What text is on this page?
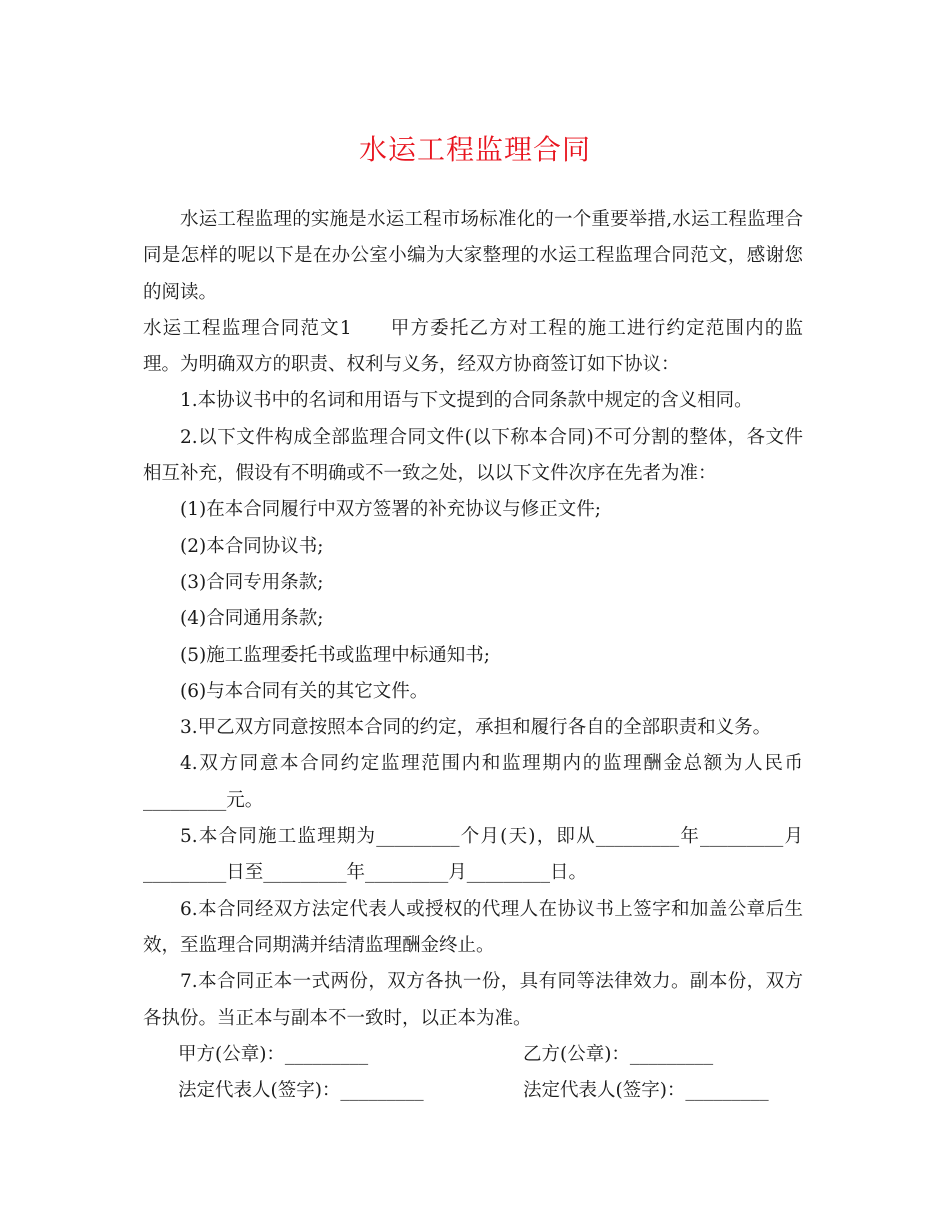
水运工程监理合同

水运工程监理的实施是水运工程市场标准化的一个重要举措,水运工程监理合同是怎样的呢以下是在办公室小编为大家整理的水运工程监理合同范文，感谢您的阅读。

水运工程监理合同范文1 甲方委托乙方对工程的施工进行约定范围内的监理。为明确双方的职责、权利与义务，经双方协商签订如下协议：

1.本协议书中的名词和用语与下文提到的合同条款中规定的含义相同。

2.以下文件构成全部监理合同文件(以下称本合同)不可分割的整体，各文件相互补充，假设有不明确或不一致之处，以以下文件次序在先者为准：

(1)在本合同履行中双方签署的补充协议与修正文件;

(2)本合同协议书;

(3)合同专用条款;

(4)合同通用条款;

(5)施工监理委托书或监理中标通知书;

(6)与本合同有关的其它文件。

3.甲乙双方同意按照本合同的约定，承担和履行各自的全部职责和义务。

4.双方同意本合同约定监理范围内和监理期内的监理酬金总额为人民币_________元。

5.本合同施工监理期为_________个月(天)，即从_________年_________月_________日至_________年_________月_________日。

6.本合同经双方法定代表人或授权的代理人在协议书上签字和加盖公章后生效，至监理合同期满并结清监理酬金终止。

7.本合同正本一式两份，双方各执一份，具有同等法律效力。副本份，双方各执份。当正本与副本不一致时，以正本为准。

甲方(公章)：_________	乙方(公章)：_________
法定代表人(签字)：_________	法定代表人(签字)：_________
